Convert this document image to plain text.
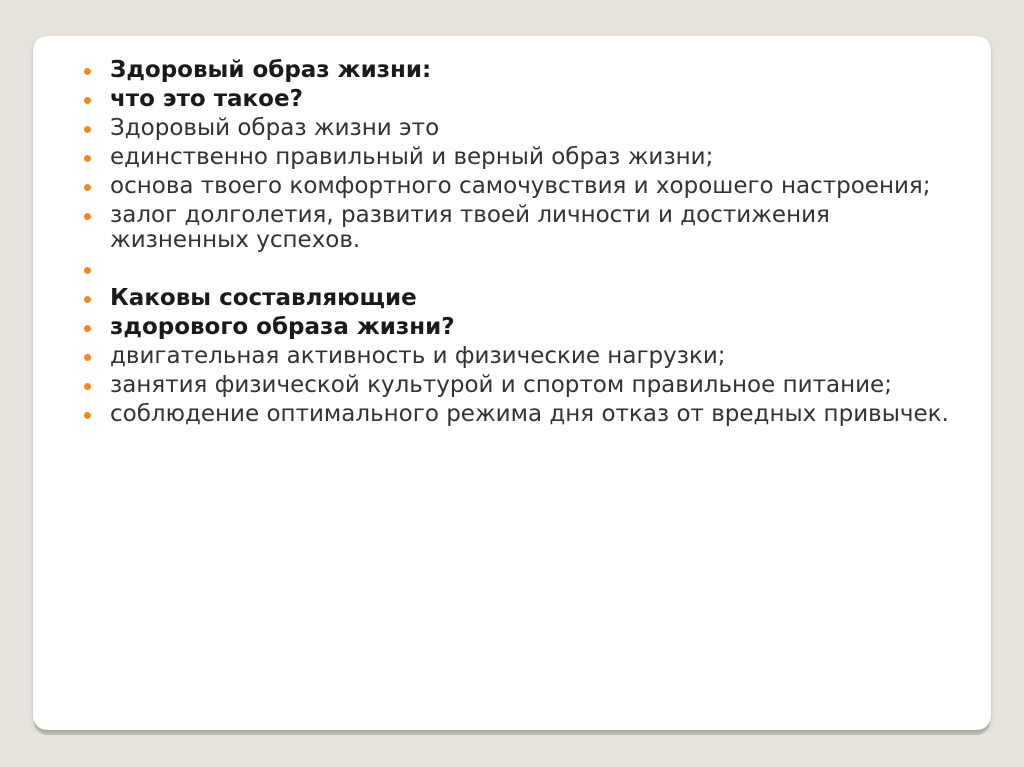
Здоровый образ жизни:
что это такое?
Здоровый образ жизни это
единственно правильный и верный образ жизни;
основа твоего комфортного самочувствия и хорошего настроения;
залог долголетия, развития твоей личности и достижения жизненных успехов.
Каковы составляющие
здорового образа жизни?
двигательная активность и физические нагрузки;
занятия физической культурой и спортом правильное питание;
соблюдение оптимального режима дня отказ от вредных привычек.
